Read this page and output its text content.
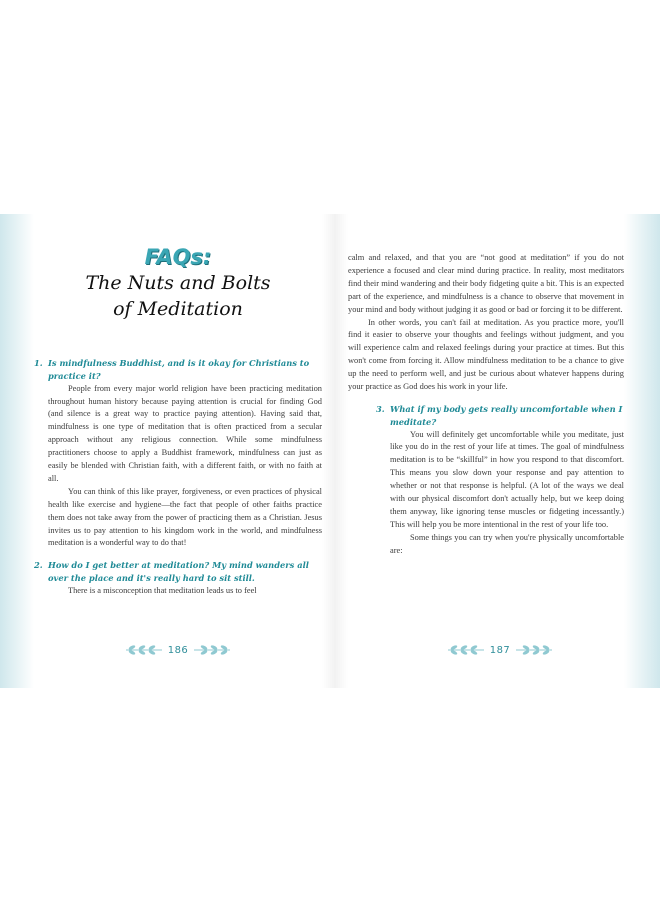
FAQs:
The Nuts and Bolts
of Meditation
1. Is mindfulness Buddhist, and is it okay for Christians to practice it?
People from every major world religion have been practicing meditation throughout human history because paying attention is crucial for finding God (and silence is a great way to practice paying attention). Having said that, mindfulness is one type of meditation that is often practiced from a secular approach without any religious connection. While some mindfulness practitioners choose to apply a Buddhist framework, mindfulness can just as easily be blended with Christian faith, with a different faith, or with no faith at all.
You can think of this like prayer, forgiveness, or even practices of physical health like exercise and hygiene—the fact that people of other faiths practice them does not take away from the power of practicing them as a Christian. Jesus invites us to pay attention to his kingdom work in the world, and mindfulness meditation is a wonderful way to do that!
2. How do I get better at meditation? My mind wanders all over the place and it's really hard to sit still.
There is a misconception that meditation leads us to feel
186
calm and relaxed, and that you are “not good at meditation” if you do not experience a focused and clear mind during practice. In reality, most meditators find their mind wandering and their body fidgeting quite a bit. This is an expected part of the experience, and mindfulness is a chance to observe that movement in your mind and body without judging it as good or bad or forcing it to be different.
In other words, you can't fail at meditation. As you practice more, you'll find it easier to observe your thoughts and feelings without judgment, and you will experience calm and relaxed feelings during your practice at times. But this won't come from forcing it. Allow mindfulness meditation to be a chance to give up the need to perform well, and just be curious about whatever happens during your practice as God does his work in your life.
3. What if my body gets really uncomfortable when I meditate?
You will definitely get uncomfortable while you meditate, just like you do in the rest of your life at times. The goal of mindfulness meditation is to be “skillful” in how you respond to that discomfort. This means you slow down your response and pay attention to whether or not that response is helpful. (A lot of the ways we deal with our physical discomfort don't actually help, but we keep doing them anyway, like ignoring tense muscles or fidgeting incessantly.) This will help you be more intentional in the rest of your life too.
Some things you can try when you're physically uncomfortable are:
187
